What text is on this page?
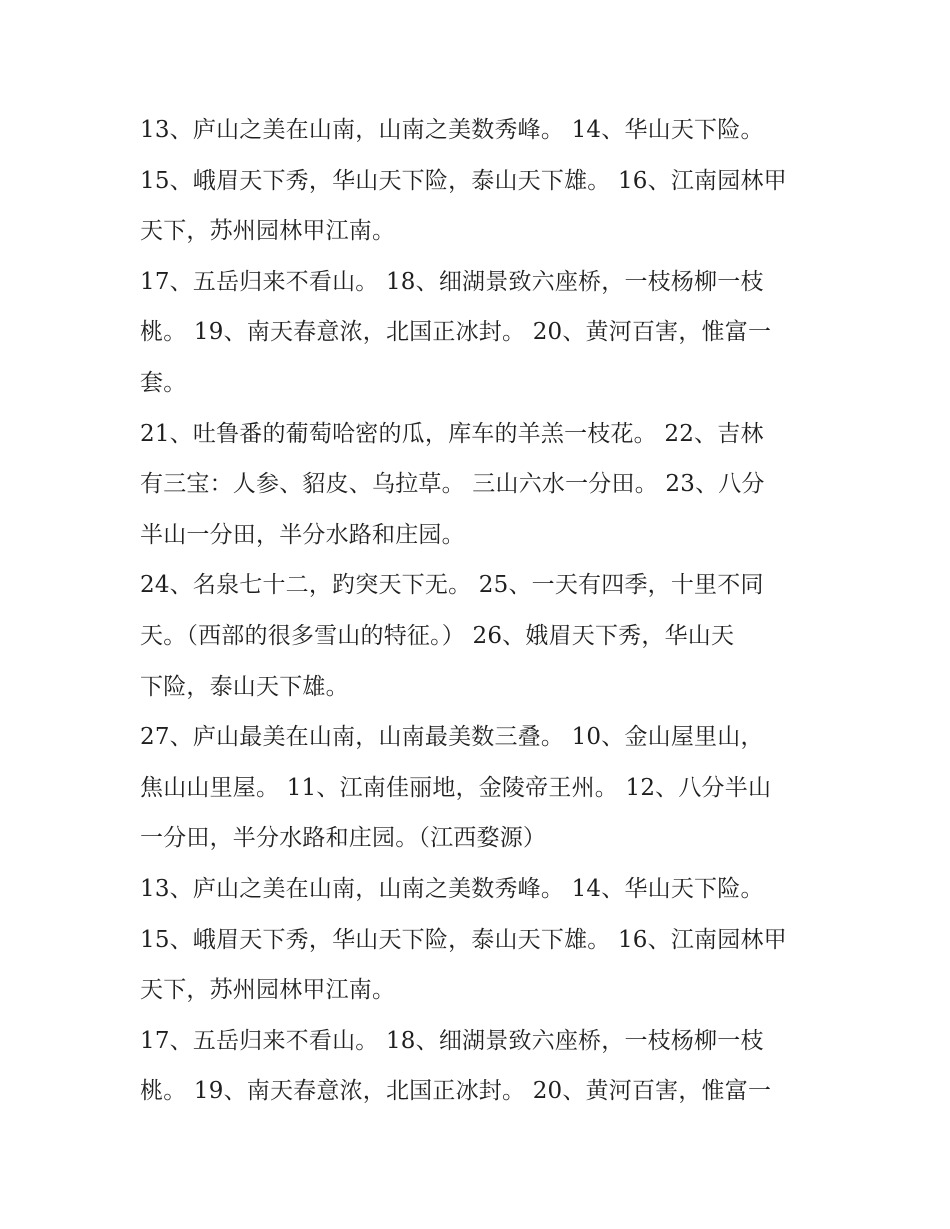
13、庐山之美在山南，山南之美数秀峰。 14、华山天下险。
15、峨眉天下秀，华山天下险，泰山天下雄。 16、江南园林甲
天下，苏州园林甲江南。
17、五岳归来不看山。 18、细湖景致六座桥，一枝杨柳一枝
桃。 19、南天春意浓，北国正冰封。 20、黄河百害，惟富一
套。
21、吐鲁番的葡萄哈密的瓜，库车的羊羔一枝花。 22、吉林
有三宝：人参、貂皮、乌拉草。 三山六水一分田。 23、八分
半山一分田，半分水路和庄园。
24、名泉七十二，趵突天下无。 25、一天有四季，十里不同
天。（西部的很多雪山的特征。） 26、娥眉天下秀，华山天
下险，泰山天下雄。
27、庐山最美在山南，山南最美数三叠。 10、金山屋里山，
焦山山里屋。 11、江南佳丽地，金陵帝王州。 12、八分半山
一分田，半分水路和庄园。（江西婺源）
13、庐山之美在山南，山南之美数秀峰。 14、华山天下险。
15、峨眉天下秀，华山天下险，泰山天下雄。 16、江南园林甲
天下，苏州园林甲江南。
17、五岳归来不看山。 18、细湖景致六座桥，一枝杨柳一枝
桃。 19、南天春意浓，北国正冰封。 20、黄河百害，惟富一
